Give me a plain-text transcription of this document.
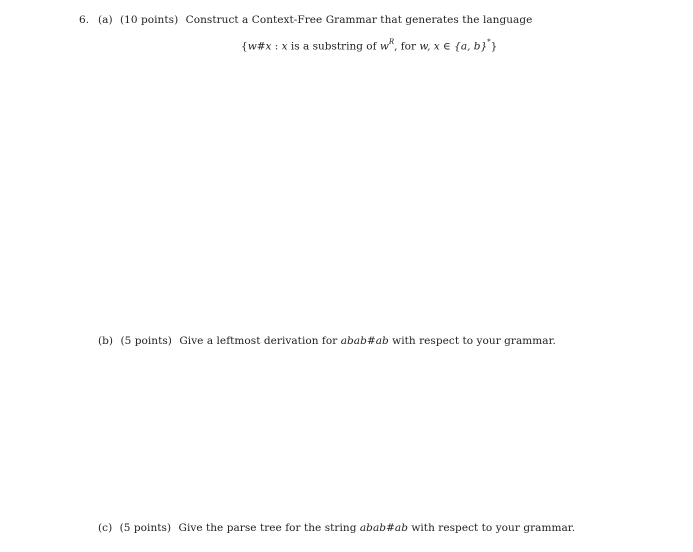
6. (a) (10 points) Construct a Context-Free Grammar that generates the language
{w#x : x is a substring of $w^R$, for w, x ∈ {a, b}*}
(b) (5 points) Give a leftmost derivation for abab#ab with respect to your grammar.
(c) (5 points) Give the parse tree for the string abab#ab with respect to your grammar.
